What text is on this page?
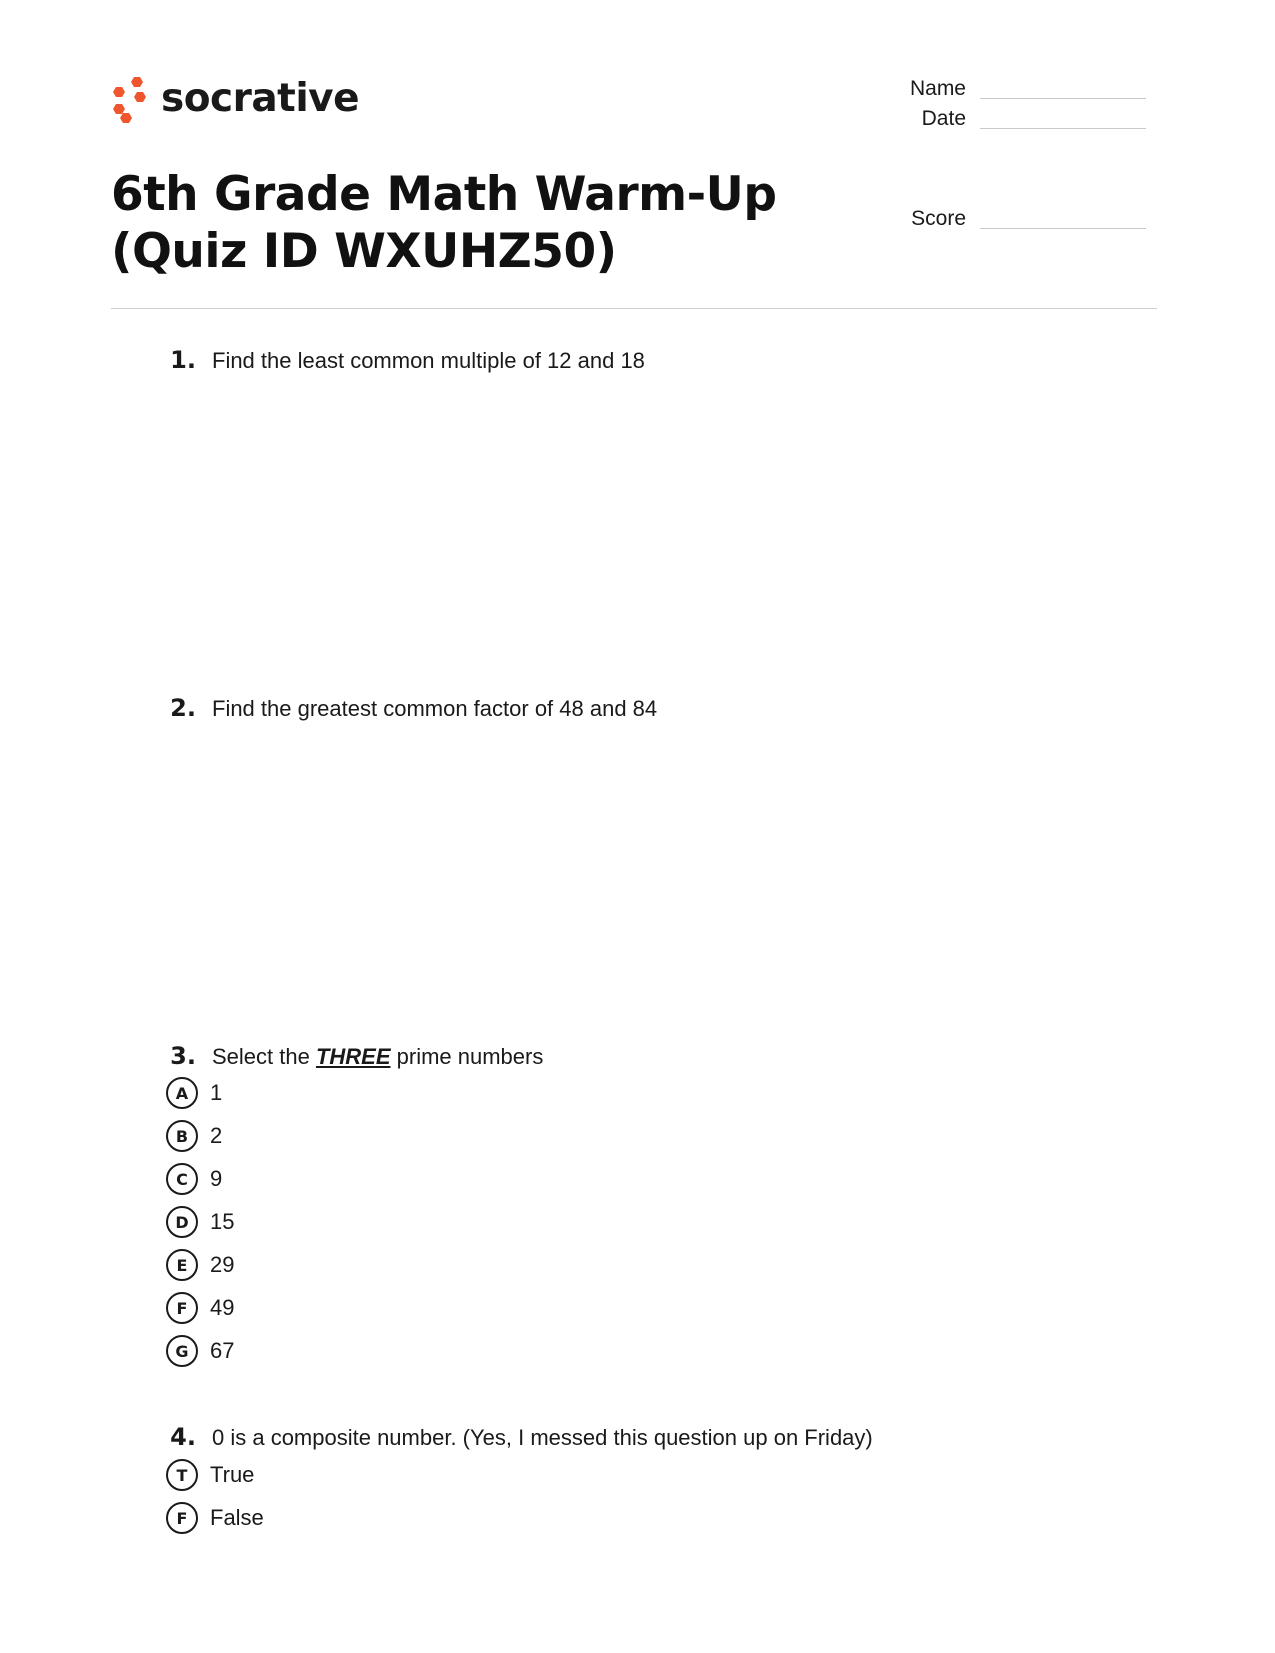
socrative	Name
Date
Score
6th Grade Math Warm-Up (Quiz ID WXUHZ50)
1. Find the least common multiple of 12 and 18
2. Find the greatest common factor of 48 and 84
3. Select the THREE prime numbers
A 1
B 2
C	9
D 15
E	29
F	49
G 67
4. 0 is a composite number. (Yes, I messed this question up on Friday)
T	True
F	False
